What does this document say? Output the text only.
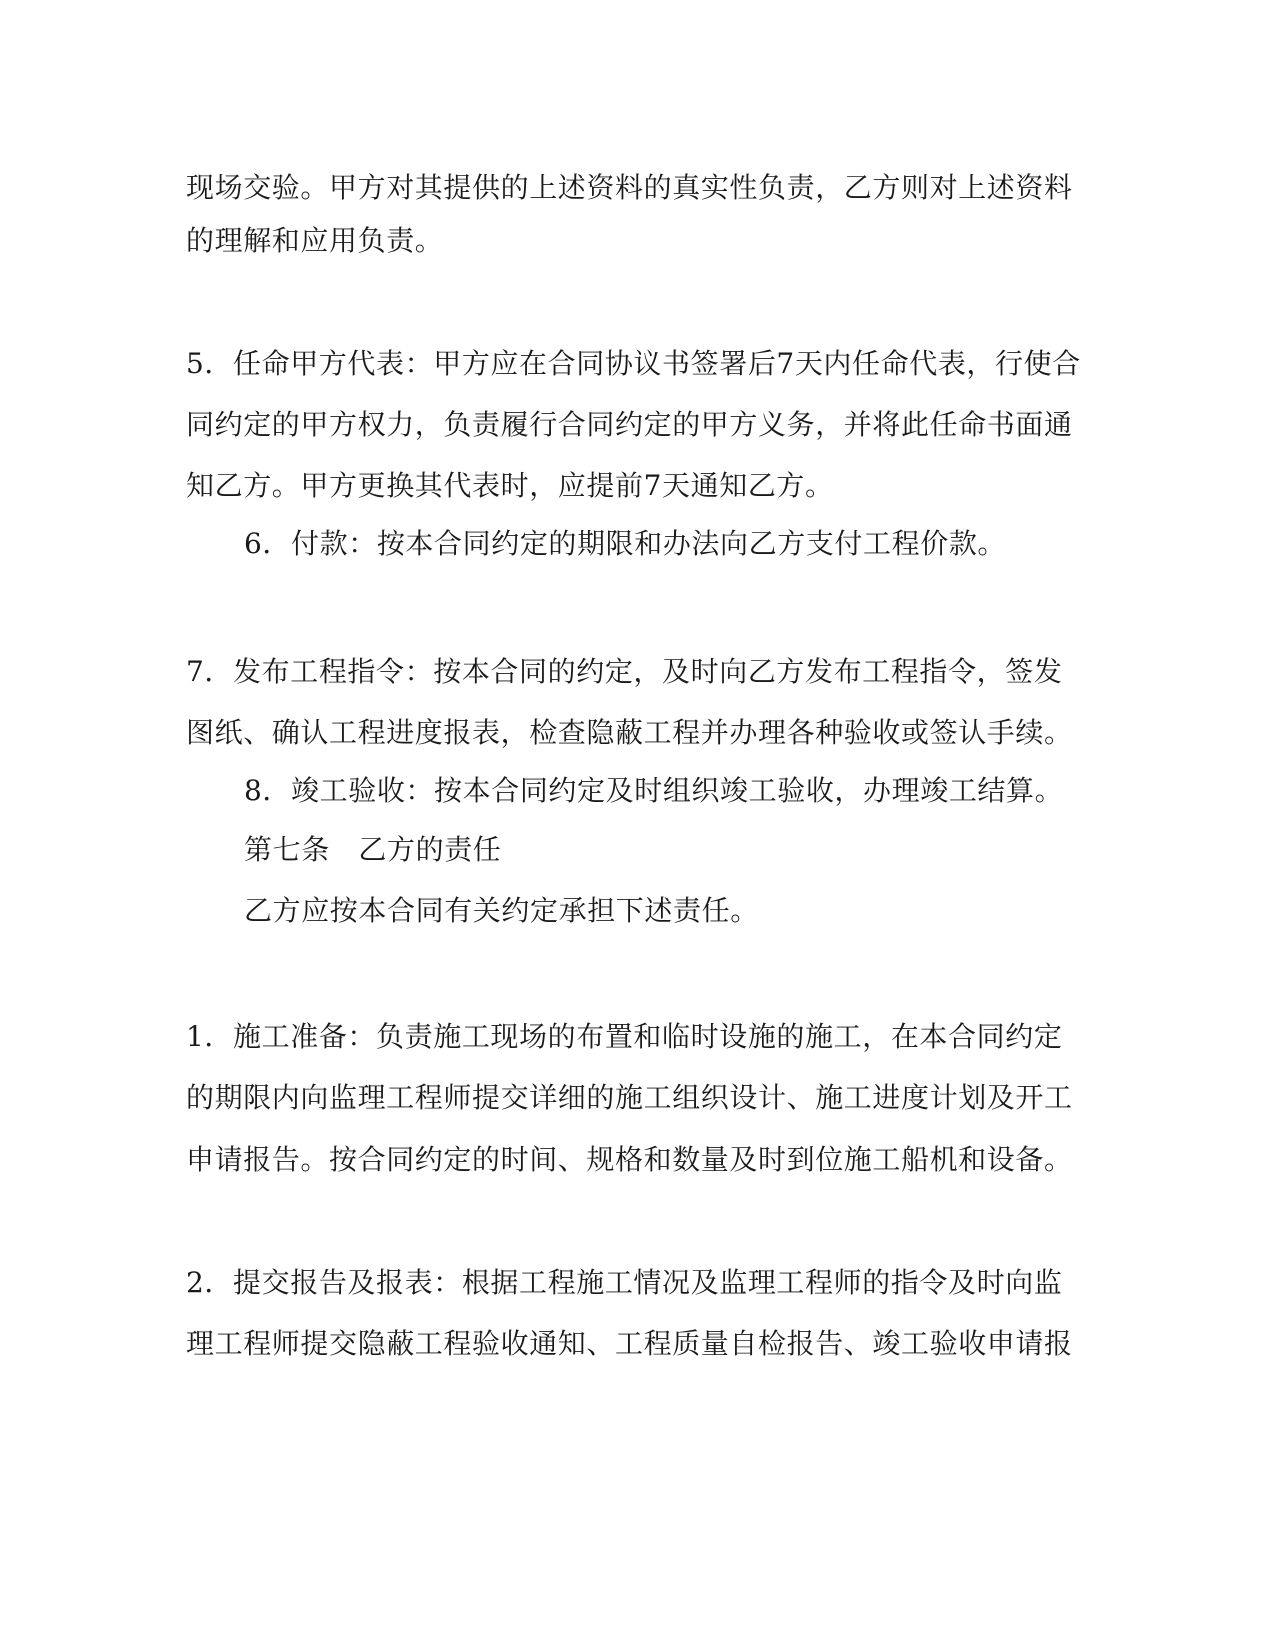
现场交验。甲方对其提供的上述资料的真实性负责，乙方则对上述资料
的理解和应用负责。
5．任命甲方代表：甲方应在合同协议书签署后7天内任命代表，行使合
同约定的甲方权力，负责履行合同约定的甲方义务，并将此任命书面通
知乙方。甲方更换其代表时，应提前7天通知乙方。
6．付款：按本合同约定的期限和办法向乙方支付工程价款。
7．发布工程指令：按本合同的约定，及时向乙方发布工程指令，签发
图纸、确认工程进度报表，检查隐蔽工程并办理各种验收或签认手续。
8．竣工验收：按本合同约定及时组织竣工验收，办理竣工结算。
第七条　乙方的责任
乙方应按本合同有关约定承担下述责任。
1．施工准备：负责施工现场的布置和临时设施的施工，在本合同约定
的期限内向监理工程师提交详细的施工组织设计、施工进度计划及开工
申请报告。按合同约定的时间、规格和数量及时到位施工船机和设备。
2．提交报告及报表：根据工程施工情况及监理工程师的指令及时向监
理工程师提交隐蔽工程验收通知、工程质量自检报告、竣工验收申请报
